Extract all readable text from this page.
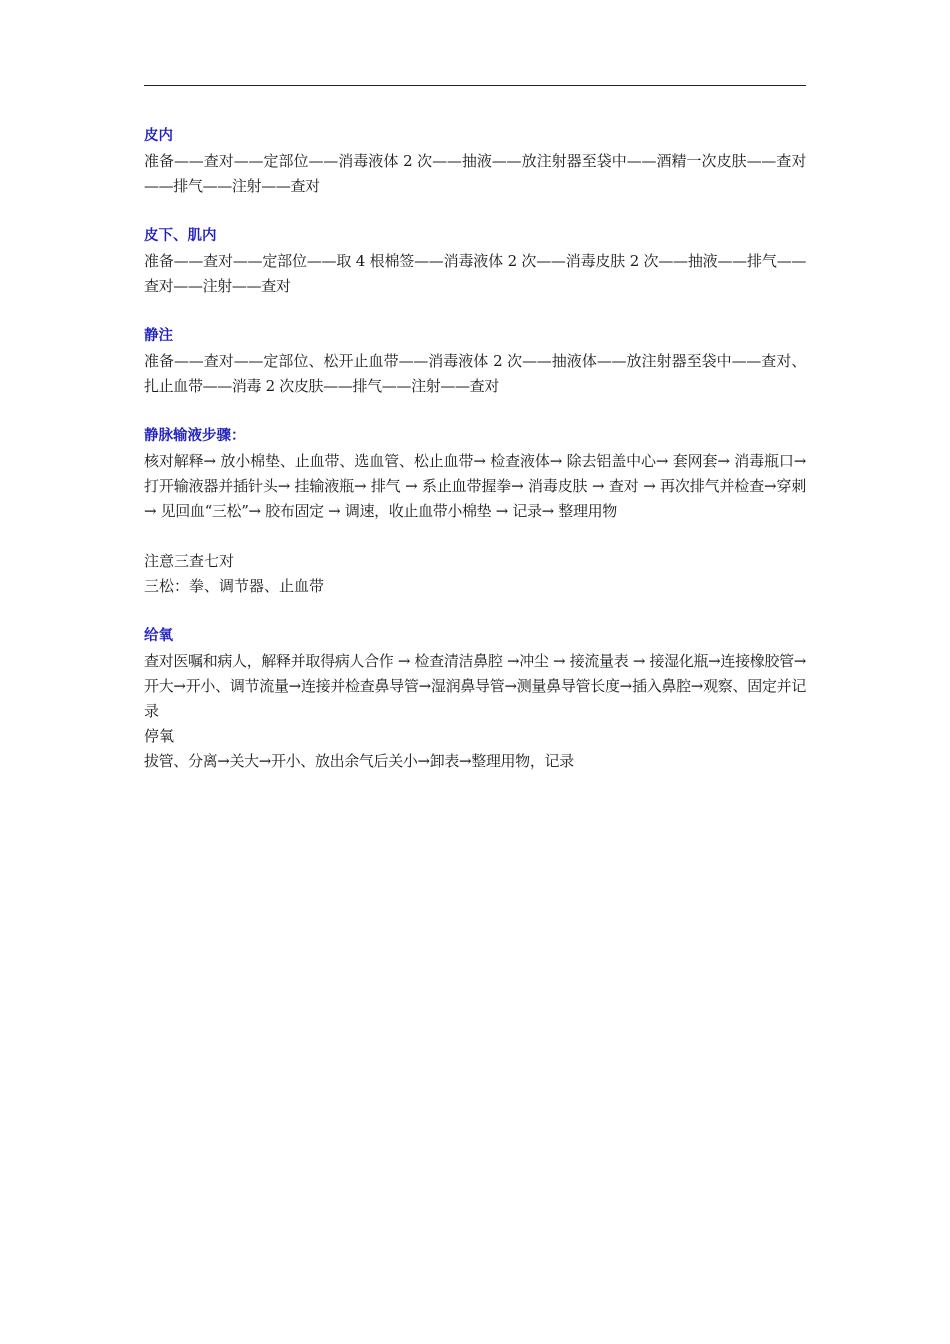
皮内
准备——查对——定部位——消毒液体 2 次——抽液——放注射器至袋中——酒精一次皮肤——查对——排气——注射——查对
皮下、肌内
准备——查对——定部位——取 4 根棉签——消毒液体 2 次——消毒皮肤 2 次——抽液——排气——查对——注射——查对
静注
准备——查对——定部位、松开止血带——消毒液体 2 次——抽液体——放注射器至袋中——查对、扎止血带——消毒 2 次皮肤——排气——注射——查对
静脉输液步骤：
核对解释→ 放小棉垫、止血带、选血管、松止血带→ 检查液体→ 除去铝盖中心→ 套网套→ 消毒瓶口→ 打开输液器并插针头→ 挂输液瓶→ 排气 → 系止血带握拳→ 消毒皮肤 → 查对 → 再次排气并检查→穿刺→ 见回血“三松”→ 胶布固定 → 调速，收止血带小棉垫 → 记录→ 整理用物
注意三查七对
三松：拳、调节器、止血带
给氧
查对医嘱和病人，解释并取得病人合作 → 检查清洁鼻腔 →冲尘 → 接流量表 → 接湿化瓶→连接橡胶管→开大→开小、调节流量→连接并检查鼻导管→湿润鼻导管→测量鼻导管长度→插入鼻腔→观察、固定并记录
停氧
拔管、分离→关大→开小、放出余气后关小→卸表→整理用物，记录
